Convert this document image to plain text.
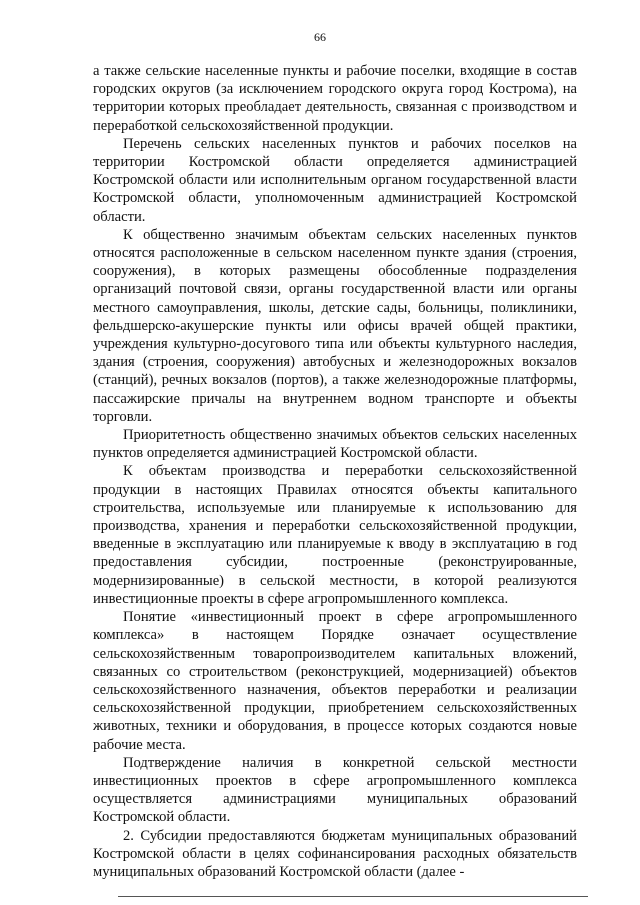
66

а также сельские населенные пункты и рабочие поселки, входящие в состав городских округов (за исключением городского округа город Кострома), на территории которых преобладает деятельность, связанная с производством и переработкой сельскохозяйственной продукции.

Перечень сельских населенных пунктов и рабочих поселков на территории Костромской области определяется администрацией Костромской области или исполнительным органом государственной власти Костромской области, уполномоченным администрацией Костромской области.

К общественно значимым объектам сельских населенных пунктов относятся расположенные в сельском населенном пункте здания (строения, сооружения), в которых размещены обособленные подразделения организаций почтовой связи, органы государственной власти или органы местного самоуправления, школы, детские сады, больницы, поликлиники, фельдшерско-акушерские пункты или офисы врачей общей практики, учреждения культурно-досугового типа или объекты культурного наследия, здания (строения, сооружения) автобусных и железнодорожных вокзалов (станций), речных вокзалов (портов), а также железнодорожные платформы, пассажирские причалы на внутреннем водном транспорте и объекты торговли.

Приоритетность общественно значимых объектов сельских населенных пунктов определяется администрацией Костромской области.

К объектам производства и переработки сельскохозяйственной продукции в настоящих Правилах относятся объекты капитального строительства, используемые или планируемые к использованию для производства, хранения и переработки сельскохозяйственной продукции, введенные в эксплуатацию или планируемые к вводу в эксплуатацию в год предоставления субсидии, построенные (реконструированные, модернизированные) в сельской местности, в которой реализуются инвестиционные проекты в сфере агропромышленного комплекса.

Понятие «инвестиционный проект в сфере агропромышленного комплекса» в настоящем Порядке означает осуществление сельскохозяйственным товаропроизводителем капитальных вложений, связанных со строительством (реконструкцией, модернизацией) объектов сельскохозяйственного назначения, объектов переработки и реализации сельскохозяйственной продукции, приобретением сельскохозяйственных животных, техники и оборудования, в процессе которых создаются новые рабочие места.

Подтверждение наличия в конкретной сельской местности инвестиционных проектов в сфере агропромышленного комплекса осуществляется администрациями муниципальных образований Костромской области.

2. Субсидии предоставляются бюджетам муниципальных образований Костромской области в целях софинансирования расходных обязательств муниципальных образований Костромской области (далее -
